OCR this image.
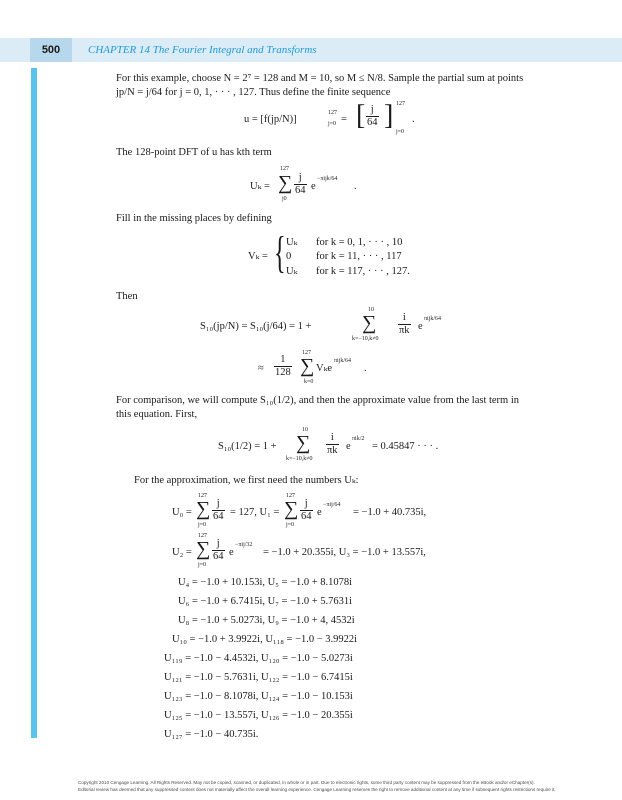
500	CHAPTER 14 The Fourier Integral and Transforms
For this example, choose N = 2⁷ = 128 and M = 10, so M ≤ N/8. Sample the partial sum at points jp/N = j/64 for j = 0, 1, · · · , 127. Thus define the finite sequence
u = [f(jp/N)]
127
j=0 = [ $\frac{j}{64}$ ] 127
j=0
.
The 128-point DFT of u has kth term
Uₖ =
127
∑
j0
$\frac{j}{64}$ e
−πijk/64
.
Fill in the missing places by defining
Vₖ = { Uₖ for k = 0, 1, · · · , 10
0 for k = 11, · · · , 117
Uₖ for k = 117, · · · , 127.
Then
S₁₀(jp/N) = S₁₀(j/64) = 1 +
10
∑
k=−10,k≠0
$\frac{i}{\pi k}$ e
πijk/64
≈ $\frac{1}{128}$
127
∑
k=0
Vₖe
πijk/64
.
For comparison, we will compute S₁₀(1/2), and then the approximate value from the last term in this equation. First,
S₁₀(1/2) = 1 +
10
∑
k=−10,k≠0
$\frac{i}{\pi k}$ e
πik/2
= 0.45847 · · · .
For the approximation, we first need the numbers Uₖ:
U₀ =
127
∑
j=0
$\frac{j}{64} = 127$, U₁ =
127
∑
j=0
$\frac{j}{64}$ e
−πij/64
= −1.0 + 40.735i,
U₂ =
127
∑
j=0
$\frac{j}{64}$ e
−πij/32
= −1.0 + 20.355i, U₃ = −1.0 + 13.557i,
U₄ = −1.0 + 10.153i, U₅ = −1.0 + 8.1078i
U₆ = −1.0 + 6.7415i, U₇ = −1.0 + 5.7631i
U₈ = −1.0 + 5.0273i, U₉ = −1.0 + 4, 4532i
U₁₀ = −1.0 + 3.9922i, U₁₁₈ = −1.0 − 3.9922i
U₁₁₉ = −1.0 − 4.4532i, U₁₂₀ = −1.0 − 5.0273i
U₁₂₁ = −1.0 − 5.7631i, U₁₂₂ = −1.0 − 6.7415i
U₁₂₃ = −1.0 − 8.1078i, U₁₂₄ = −1.0 − 10.153i
U₁₂₅ = −1.0 − 13.557i, U₁₂₆ = −1.0 − 20.355i
U₁₂₇ = −1.0 − 40.735i.
Copyright 2010 Cengage Learning. All Rights Reserved. May not be copied, scanned, or duplicated, in whole or in part. Due to electronic rights, some third party content may be suppressed from the eBook and/or eChapter(s).
Editorial review has deemed that any suppressed content does not materially affect the overall learning experience. Cengage Learning reserves the right to remove additional content at any time if subsequent rights restrictions require it.
